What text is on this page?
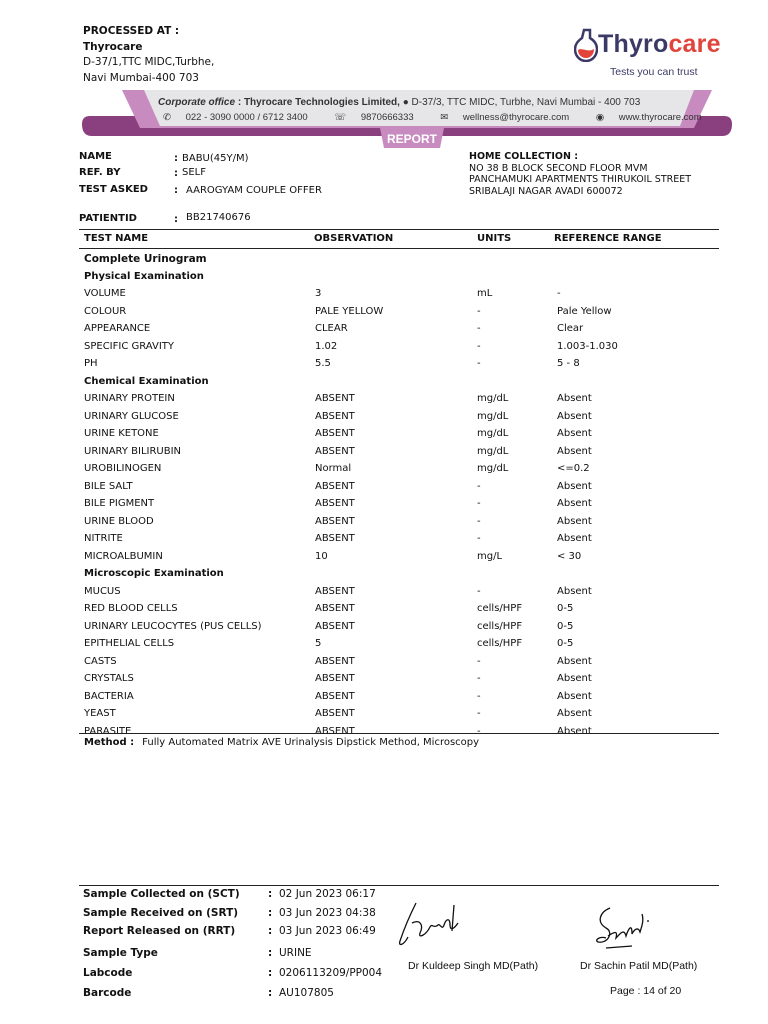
PROCESSED AT :
Thyrocare
D-37/1,TTC MIDC,Turbhe,
Navi Mumbai-400 703
Thyrocare
Tests you can trust
Corporate office : Thyrocare Technologies Limited, ● D-37/3, TTC MIDC, Turbhe, Navi Mumbai - 400 703
✆ 022 - 3090 0000 / 6712 3400	☏ 9870666333	✉ wellness@thyrocare.com	◉ www.thyrocare.com
REPORT
NAME	: BABU(45Y/M)
REF. BY	: SELF
TEST ASKED	: AAROGYAM COUPLE OFFER
PATIENTID	: BB21740676
HOME COLLECTION :
NO 38 B BLOCK SECOND FLOOR MVM
PANCHAMUKI APARTMENTS THIRUKOIL STREET
SRIBALAJI NAGAR AVADI 600072
TEST NAME	OBSERVATION	UNITS	REFERENCE RANGE
Complete Urinogram
Physical Examination
VOLUME	3	mL	-
COLOUR	PALE YELLOW	-	Pale Yellow
APPEARANCE	CLEAR	-	Clear
SPECIFIC GRAVITY	1.02	-	1.003-1.030
PH	5.5	-	5 - 8
Chemical Examination
URINARY PROTEIN	ABSENT	mg/dL	Absent
URINARY GLUCOSE	ABSENT	mg/dL	Absent
URINE KETONE	ABSENT	mg/dL	Absent
URINARY BILIRUBIN	ABSENT	mg/dL	Absent
UROBILINOGEN	Normal	mg/dL	<=0.2
BILE SALT	ABSENT	-	Absent
BILE PIGMENT	ABSENT	-	Absent
URINE BLOOD	ABSENT	-	Absent
NITRITE	ABSENT	-	Absent
MICROALBUMIN	10	mg/L	< 30
Microscopic Examination
MUCUS	ABSENT	-	Absent
RED BLOOD CELLS	ABSENT	cells/HPF	0-5
URINARY LEUCOCYTES (PUS CELLS)	ABSENT	cells/HPF	0-5
EPITHELIAL CELLS	5	cells/HPF	0-5
CASTS	ABSENT	-	Absent
CRYSTALS	ABSENT	-	Absent
BACTERIA	ABSENT	-	Absent
YEAST	ABSENT	-	Absent
PARASITE	ABSENT	-	Absent
Method : Fully Automated Matrix AVE Urinalysis Dipstick Method, Microscopy
Sample Collected on (SCT)	: 02 Jun 2023 06:17
Sample Received on (SRT)	: 03 Jun 2023 04:38
Report Released on (RRT)	: 03 Jun 2023 06:49
Sample Type	: URINE
Labcode	: 0206113209/PP004
Barcode	: AU107805
Dr Kuldeep Singh MD(Path)	Dr Sachin Patil MD(Path)
Page : 14 of 20
